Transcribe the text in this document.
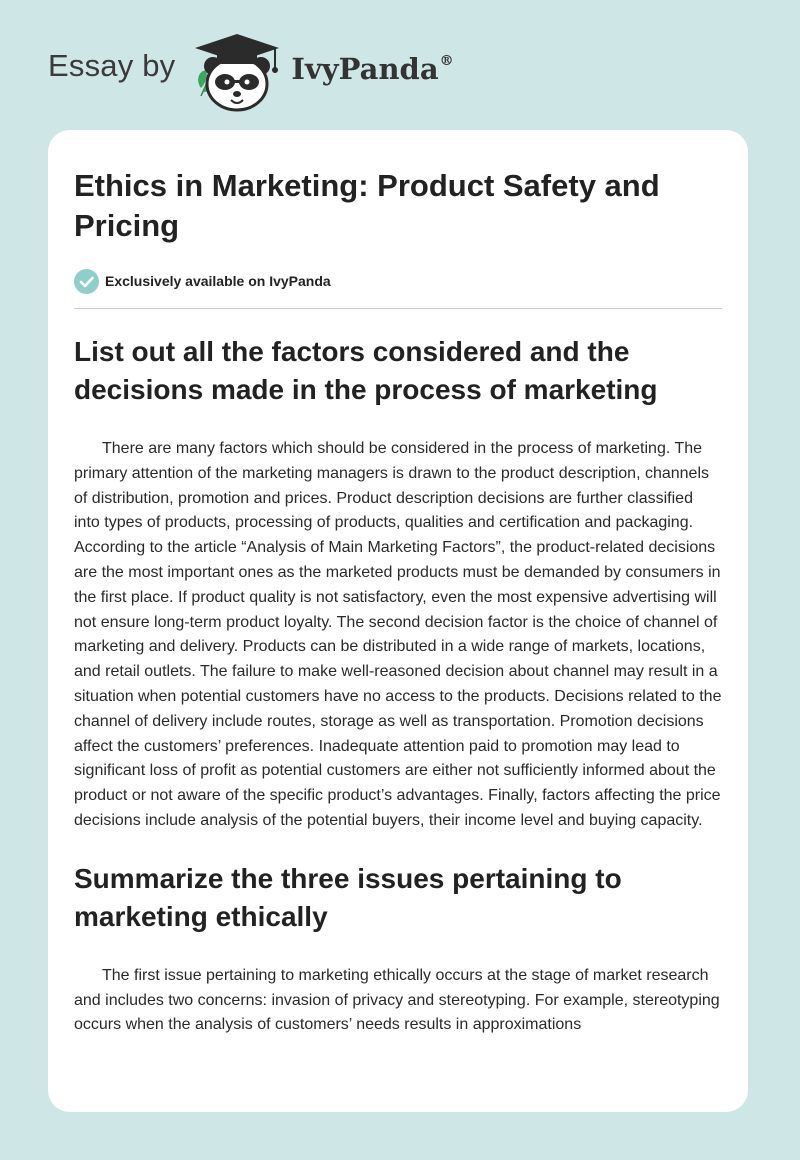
Essay by	IvyPanda®
Ethics in Marketing: Product Safety and Pricing
Exclusively available on IvyPanda
List out all the factors considered and the decisions made in the process of marketing

There are many factors which should be considered in the process of marketing. The primary attention of the marketing managers is drawn to the product description, channels of distribution, promotion and prices. Product description decisions are further classified into types of products, processing of products, qualities and certification and packaging. According to the article “Analysis of Main Marketing Factors”, the product-related decisions are the most important ones as the marketed products must be demanded by consumers in the first place. If product quality is not satisfactory, even the most expensive advertising will not ensure long-term product loyalty. The second decision factor is the choice of channel of marketing and delivery. Products can be distributed in a wide range of markets, locations, and retail outlets. The failure to make well-reasoned decision about channel may result in a situation when potential customers have no access to the products. Decisions related to the channel of delivery include routes, storage as well as transportation. Promotion decisions affect the customers’ preferences. Inadequate attention paid to promotion may lead to significant loss of profit as potential customers are either not sufficiently informed about the product or not aware of the specific product’s advantages. Finally, factors affecting the price decisions include analysis of the potential buyers, their income level and buying capacity.

Summarize the three issues pertaining to marketing ethically

The first issue pertaining to marketing ethically occurs at the stage of market research and includes two concerns: invasion of privacy and stereotyping. For example, stereotyping occurs when the analysis of customers’ needs results in approximations
